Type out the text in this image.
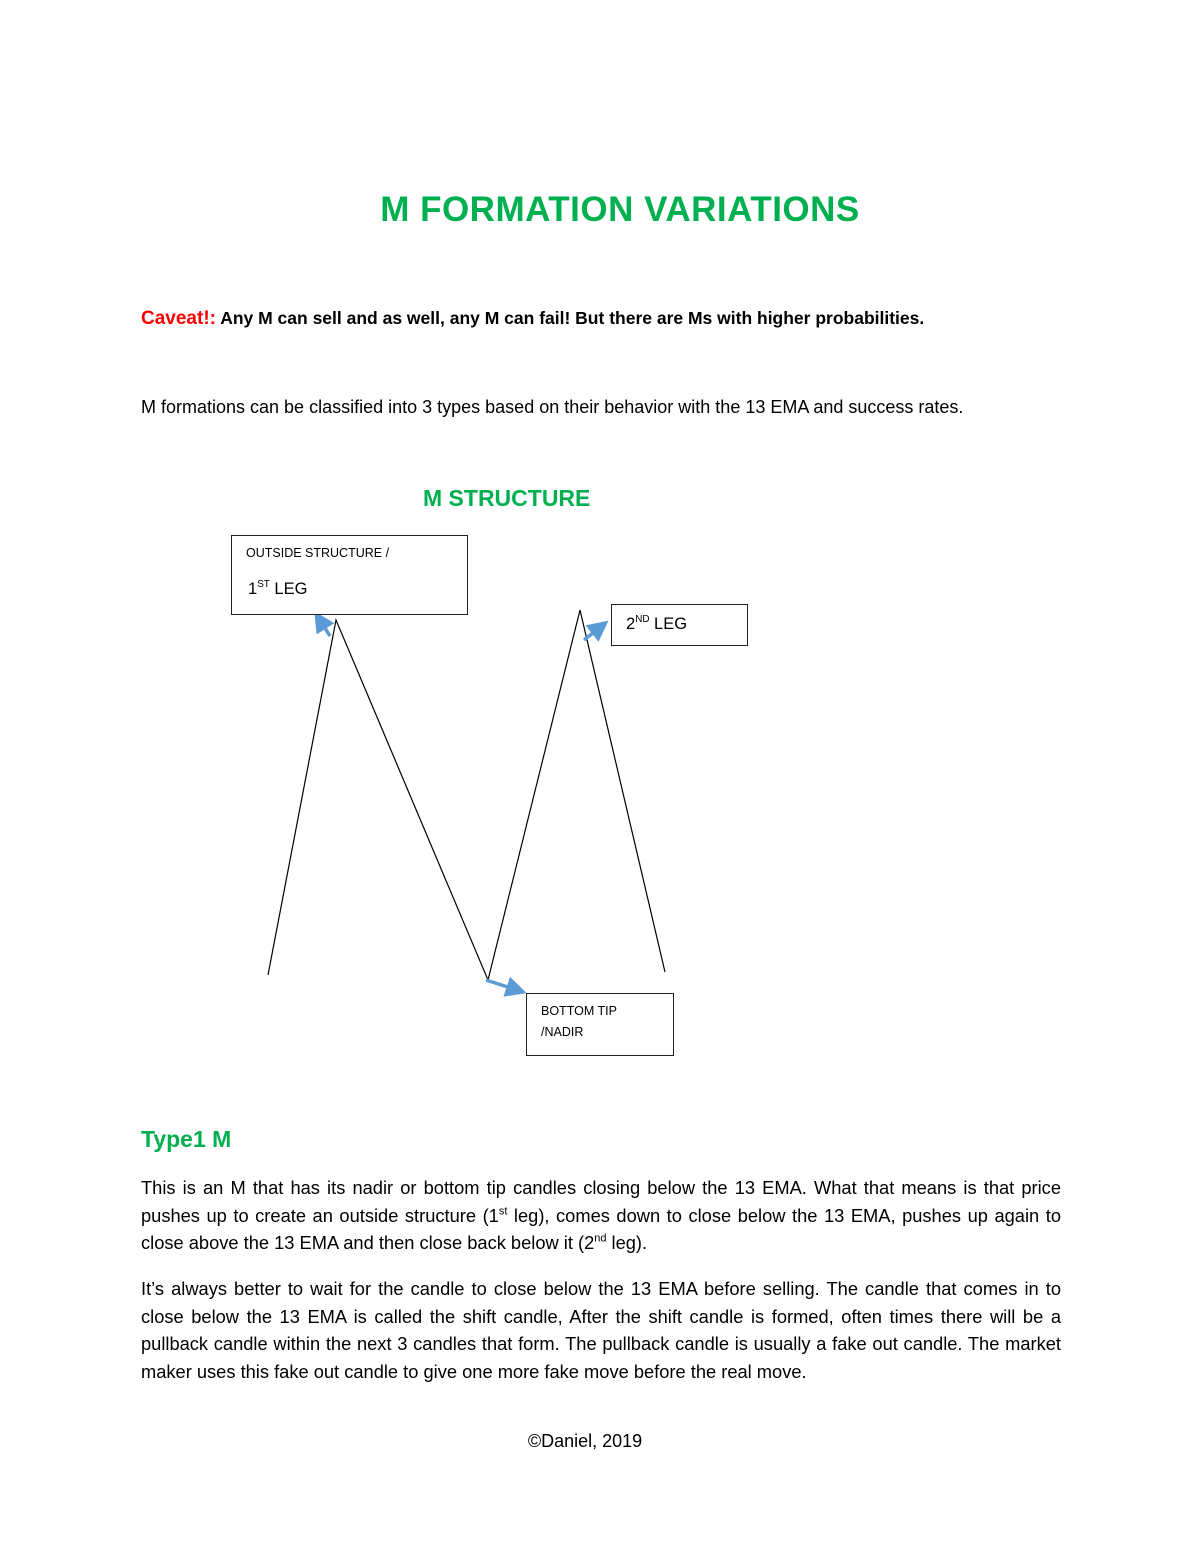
M FORMATION VARIATIONS
Caveat!: Any M can sell and as well, any M can fail! But there are Ms with higher probabilities.
M formations can be classified into 3 types based on their behavior with the 13 EMA and success rates.
M STRUCTURE
OUTSIDE STRUCTURE /
1ST LEG
2ND LEG
BOTTOM TIP
/NADIR
Type1 M
This is an M that has its nadir or bottom tip candles closing below the 13 EMA. What that means is that price pushes up to create an outside structure (1st leg), comes down to close below the 13 EMA, pushes up again to close above the 13 EMA and then close back below it (2nd leg).
It’s always better to wait for the candle to close below the 13 EMA before selling. The candle that comes in to close below the 13 EMA is called the shift candle, After the shift candle is formed, often times there will be a pullback candle within the next 3 candles that form. The pullback candle is usually a fake out candle. The market maker uses this fake out candle to give one more fake move before the real move.
©Daniel, 2019
